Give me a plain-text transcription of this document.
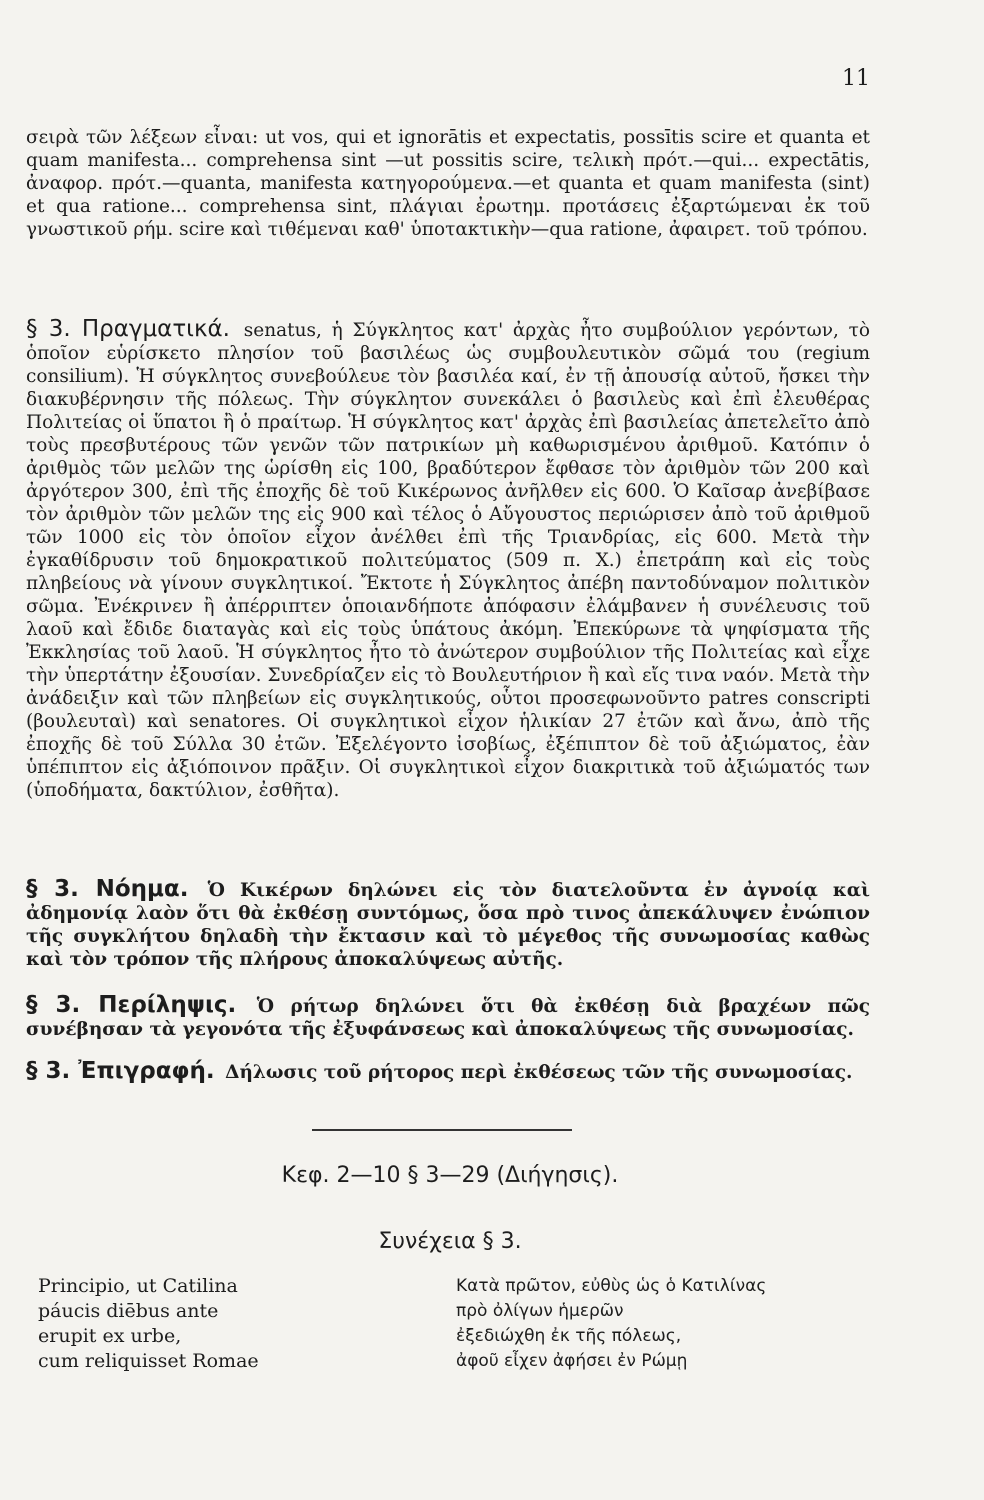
11
σειρὰ τῶν λέξεων εἶναι: ut vos, qui et ignorātis et expectatis, possītis scire et quanta et quam manifesta... comprehensa sint —ut possitis scire, τελικὴ πρότ.—qui... expectātis, ἀναφορ. πρότ.—quanta, manifesta κατηγορούμενα.—et quanta et quam manifesta (sint) et qua ratione... comprehensa sint, πλάγιαι ἐρωτημ. προτάσεις ἐξαρτώμεναι ἐκ τοῦ γνωστικοῦ ρήμ. scire καὶ τιθέμεναι καθ' ὑποτακτικὴν—qua ratione, ἀφαιρετ. τοῦ τρόπου.
§ 3. Πραγματικά. senatus, ἡ Σύγκλητος κατ' ἀρχὰς ἦτο συμβούλιον γερόντων, τὸ ὁποῖον εὑρίσκετο πλησίον τοῦ βασιλέως ὡς συμβουλευτικὸν σῶμά του (regium consilium). Ἡ σύγκλητος συνεβούλευε τὸν βασιλέα καί, ἐν τῇ ἀπουσίᾳ αὐτοῦ, ἤσκει τὴν διακυβέρνησιν τῆς πόλεως. Τὴν σύγκλητον συνεκάλει ὁ βασιλεὺς καὶ ἐπὶ ἐλευθέρας Πολιτείας οἱ ὕπατοι ἢ ὁ πραίτωρ. Ἡ σύγκλητος κατ' ἀρχὰς ἐπὶ βασιλείας ἀπετελεῖτο ἀπὸ τοὺς πρεσβυτέρους τῶν γενῶν τῶν πατρικίων μὴ καθωρισμένου ἀριθμοῦ. Κατόπιν ὁ ἀριθμὸς τῶν μελῶν της ὡρίσθη εἰς 100, βραδύτερον ἔφθασε τὸν ἀριθμὸν τῶν 200 καὶ ἀργότερον 300, ἐπὶ τῆς ἐποχῆς δὲ τοῦ Κικέρωνος ἀνῆλθεν εἰς 600. Ὁ Καῖσαρ ἀνεβίβασε τὸν ἀριθμὸν τῶν μελῶν της εἰς 900 καὶ τέλος ὁ Αὔγουστος περιώρισεν ἀπὸ τοῦ ἀριθμοῦ τῶν 1000 εἰς τὸν ὁποῖον εἶχον ἀνέλθει ἐπὶ τῆς Τριανδρίας, εἰς 600. Μετὰ τὴν ἐγκαθίδρυσιν τοῦ δημοκρατικοῦ πολιτεύματος (509 π. Χ.) ἐπετράπη καὶ εἰς τοὺς πληβείους νὰ γίνουν συγκλητικοί. Ἔκτοτε ἡ Σύγκλητος ἀπέβη παντοδύναμον πολιτικὸν σῶμα. Ἐνέκρινεν ἢ ἀπέρριπτεν ὁποιανδήποτε ἀπόφασιν ἐλάμβανεν ἡ συνέλευσις τοῦ λαοῦ καὶ ἔδιδε διαταγὰς καὶ εἰς τοὺς ὑπάτους ἀκόμη. Ἐπεκύρωνε τὰ ψηφίσματα τῆς Ἐκκλησίας τοῦ λαοῦ. Ἡ σύγκλητος ἦτο τὸ ἀνώτερον συμβούλιον τῆς Πολιτείας καὶ εἶχε τὴν ὑπερτάτην ἐξουσίαν. Συνεδρίαζεν εἰς τὸ Βουλευτήριον ἢ καὶ εἴς τινα ναόν. Μετὰ τὴν ἀνάδειξιν καὶ τῶν πληβείων εἰς συγκλητικούς, οὗτοι προσεφωνοῦντο patres conscripti (βουλευταὶ) καὶ senatores. Οἱ συγκλητικοὶ εἶχον ἡλικίαν 27 ἐτῶν καὶ ἄνω, ἀπὸ τῆς ἐποχῆς δὲ τοῦ Σύλλα 30 ἐτῶν. Ἐξελέγοντο ἰσοβίως, ἐξέπιπτον δὲ τοῦ ἀξιώματος, ἐὰν ὑπέπιπτον εἰς ἀξιόποινον πρᾶξιν. Οἱ συγκλητικοὶ εἶχον διακριτικὰ τοῦ ἀξιώματός των (ὑποδήματα, δακτύλιον, ἐσθῆτα).
§ 3. Νόημα. Ὁ Κικέρων δηλώνει εἰς τὸν διατελοῦντα ἐν ἀγνοίᾳ καὶ ἀδημονίᾳ λαὸν ὅτι θὰ ἐκθέσῃ συντόμως, ὅσα πρὸ τινος ἀπεκάλυψεν ἐνώπιον τῆς συγκλήτου δηλαδὴ τὴν ἔκτασιν καὶ τὸ μέγεθος τῆς συνωμοσίας καθὼς καὶ τὸν τρόπον τῆς πλήρους ἀποκαλύψεως αὐτῆς.
§ 3. Περίληψις. Ὁ ρήτωρ δηλώνει ὅτι θὰ ἐκθέσῃ διὰ βραχέων πῶς συνέβησαν τὰ γεγονότα τῆς ἐξυφάνσεως καὶ ἀποκαλύψεως τῆς συνωμοσίας.
§ 3. Ἐπιγραφή. Δήλωσις τοῦ ρήτορος περὶ ἐκθέσεως τῶν τῆς συνωμοσίας.
Κεφ. 2—10 § 3—29 (Διήγησις).
Συνέχεια § 3.
Principio, ut Catilina
páucis diēbus ante
erupit ex urbe,
cum reliquisset Romae
Κατὰ πρῶτον, εὐθὺς ὡς ὁ Κατιλίνας
πρὸ ὀλίγων ἡμερῶν
ἐξεδιώχθη ἐκ τῆς πόλεως,
ἀφοῦ εἶχεν ἀφήσει ἐν Ρώμῃ
